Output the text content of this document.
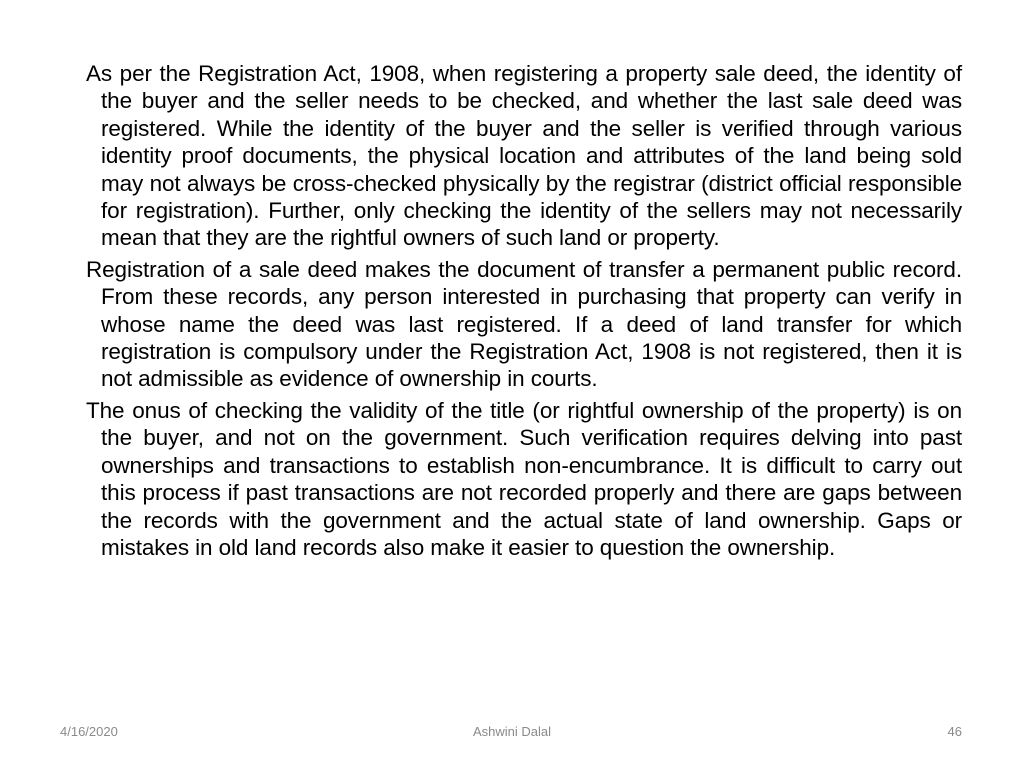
As per the Registration Act, 1908, when registering a property sale deed, the identity of the buyer and the seller needs to be checked, and whether the last sale deed was registered. While the identity of the buyer and the seller is verified through various identity proof documents, the physical location and attributes of the land being sold may not always be cross-checked physically by the registrar (district official responsible for registration). Further, only checking the identity of the sellers may not necessarily mean that they are the rightful owners of such land or property.

Registration of a sale deed makes the document of transfer a permanent public record. From these records, any person interested in purchasing that property can verify in whose name the deed was last registered. If a deed of land transfer for which registration is compulsory under the Registration Act, 1908 is not registered, then it is not admissible as evidence of ownership in courts.

The onus of checking the validity of the title (or rightful ownership of the property) is on the buyer, and not on the government. Such verification requires delving into past ownerships and transactions to establish non-encumbrance. It is difficult to carry out this process if past transactions are not recorded properly and there are gaps between the records with the government and the actual state of land ownership. Gaps or mistakes in old land records also make it easier to question the ownership.

Ashwini Dalal
4/16/2020	46
